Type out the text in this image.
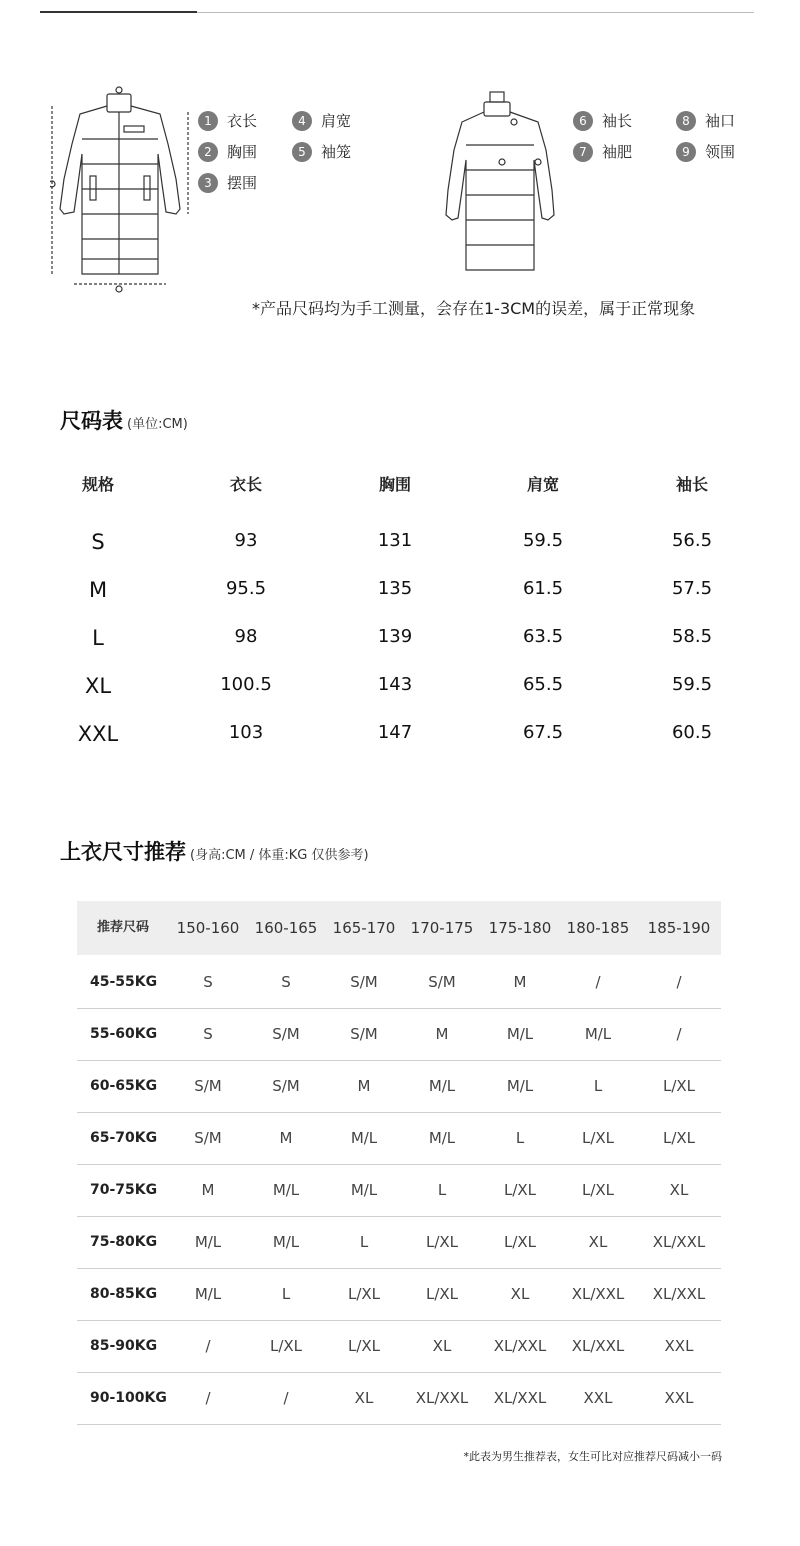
1	衣长
2	胸围
3	摆围
4	肩宽
5	袖笼
6	袖长
7	袖肥
8	袖口
9	领围
*产品尺码均为手工测量，会存在1-3CM的误差，属于正常现象
尺码表 (单位:CM)
规格	衣长	胸围	肩宽	袖长
S	93	131	59.5	56.5
M	95.5	135	61.5	57.5
L	98	139	63.5	58.5
XL	100.5	143	65.5	59.5
XXL	103	147	67.5	60.5
上衣尺寸推荐 (身高:CM / 体重:KG 仅供参考)
推荐尺码	150-160	160-165	165-170	170-175	175-180	180-185	185-190
45-55KG	S	S	S/M	S/M	M	/	/
55-60KG	S	S/M	S/M	M	M/L	M/L	/
60-65KG	S/M	S/M	M	M/L	M/L	L	L/XL
65-70KG	S/M	M	M/L	M/L	L	L/XL	L/XL
70-75KG	M	M/L	M/L	L	L/XL	L/XL	XL
75-80KG	M/L	M/L	L	L/XL	L/XL	XL	XL/XXL
80-85KG	M/L	L	L/XL	L/XL	XL	XL/XXL	XL/XXL
85-90KG	/	L/XL	L/XL	XL	XL/XXL	XL/XXL	XXL
90-100KG	/	/	XL	XL/XXL	XL/XXL	XXL	XXL
*此表为男生推荐表，女生可比对应推荐尺码减小一码
